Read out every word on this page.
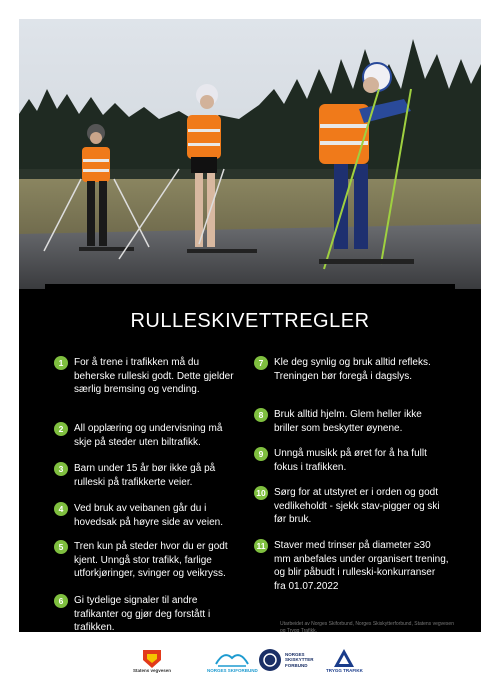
RULLESKIVETTREGLER
1	For å trene i trafikken må du beherske rulleski godt. Dette gjelder særlig bremsing og vending.
2	All opplæring og undervisning må skje på steder uten biltrafikk.
3	Barn under 15 år bør ikke gå på rulleski på trafikkerte veier.
4	Ved bruk av veibanen går du i hovedsak på høyre side av veien.
5	Tren kun på steder hvor du er godt kjent. Unngå stor trafikk, farlige utforkjøringer, svinger og veikryss.
6	Gi tydelige signaler til andre trafikanter og gjør deg forstått i trafikken.
7	Kle deg synlig og bruk alltid refleks. Treningen bør foregå i dagslys.
8	Bruk alltid hjelm. Glem heller ikke briller som beskytter øynene.
9	Unngå musikk på øret for å ha fullt fokus i trafikken.
10 Sørg for at utstyret er i orden og godt vedlikeholdt - sjekk stav-pigger og ski før bruk.
11 Staver med trinser på diameter ≥30 mm anbefales under organisert trening, og blir påbudt i rulleski-konkurranser fra 01.07.2022
Utarbeidet av Norges Skiforbund, Norges Skiskytterforbund, Statens vegvesen og Trygg Trafikk.
Statens vegvesen	NORGES SKIFORBUND
NORGES SKISKYTTER FORBUND
TRYGG TRAFIKK
